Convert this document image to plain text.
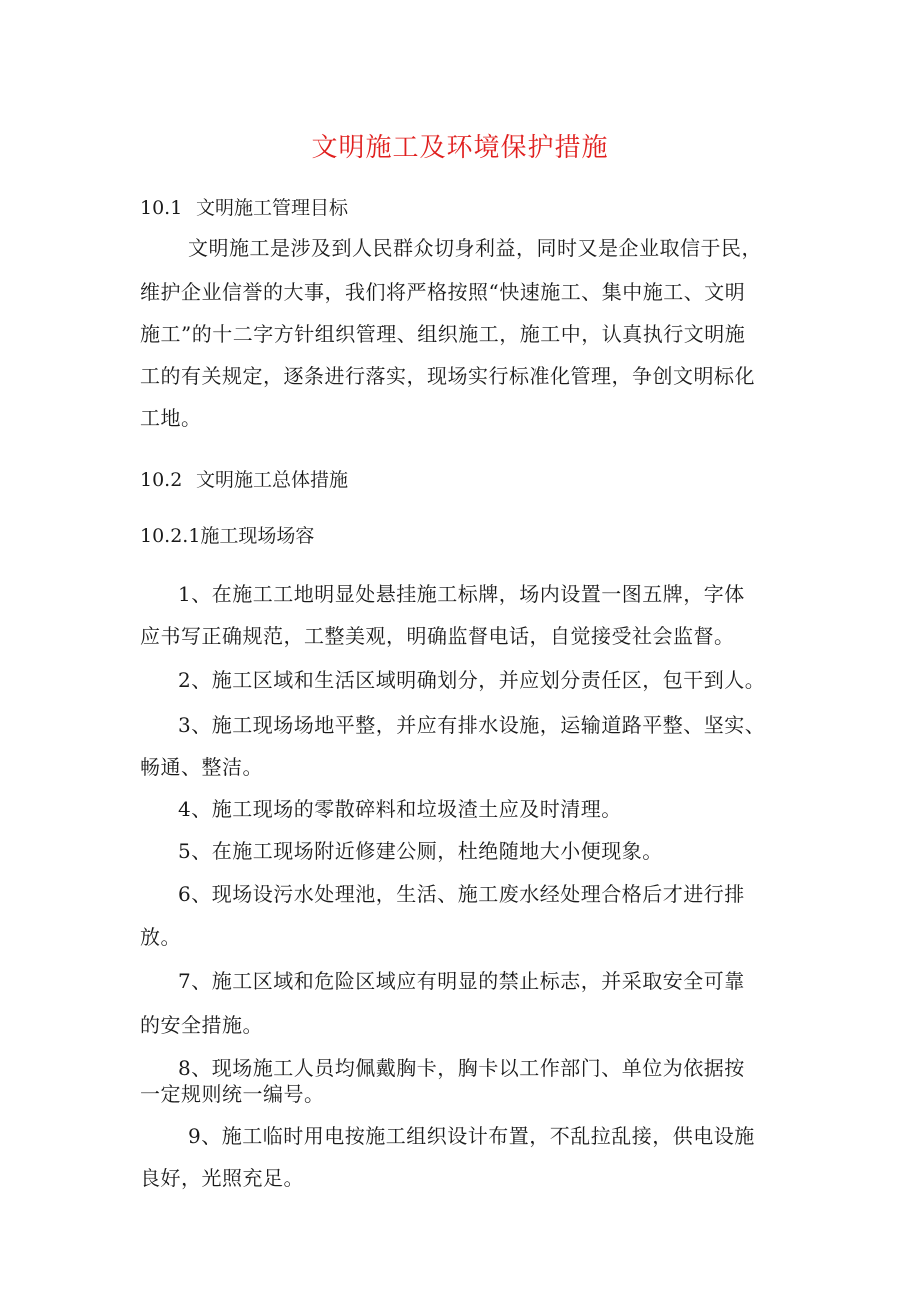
文明施工及环境保护措施
10.1 文明施工管理目标
文明施工是涉及到人民群众切身利益，同时又是企业取信于民，
维护企业信誉的大事，我们将严格按照“快速施工、集中施工、文明
施工”的十二字方针组织管理、组织施工，施工中，认真执行文明施
工的有关规定，逐条进行落实，现场实行标准化管理，争创文明标化
工地。
10.2 文明施工总体措施
10.2.1施工现场场容
1、在施工工地明显处悬挂施工标牌，场内设置一图五牌，字体
应书写正确规范，工整美观，明确监督电话，自觉接受社会监督。
2、施工区域和生活区域明确划分，并应划分责任区，包干到人。
3、施工现场场地平整，并应有排水设施，运输道路平整、坚实、
畅通、整洁。
4、施工现场的零散碎料和垃圾渣土应及时清理。
5、在施工现场附近修建公厕，杜绝随地大小便现象。
6、现场设污水处理池，生活、施工废水经处理合格后才进行排
放。
7、施工区域和危险区域应有明显的禁止标志，并采取安全可靠
的安全措施。
8、现场施工人员均佩戴胸卡，胸卡以工作部门、单位为依据按
一定规则统一编号。
9、施工临时用电按施工组织设计布置，不乱拉乱接，供电设施
良好，光照充足。
